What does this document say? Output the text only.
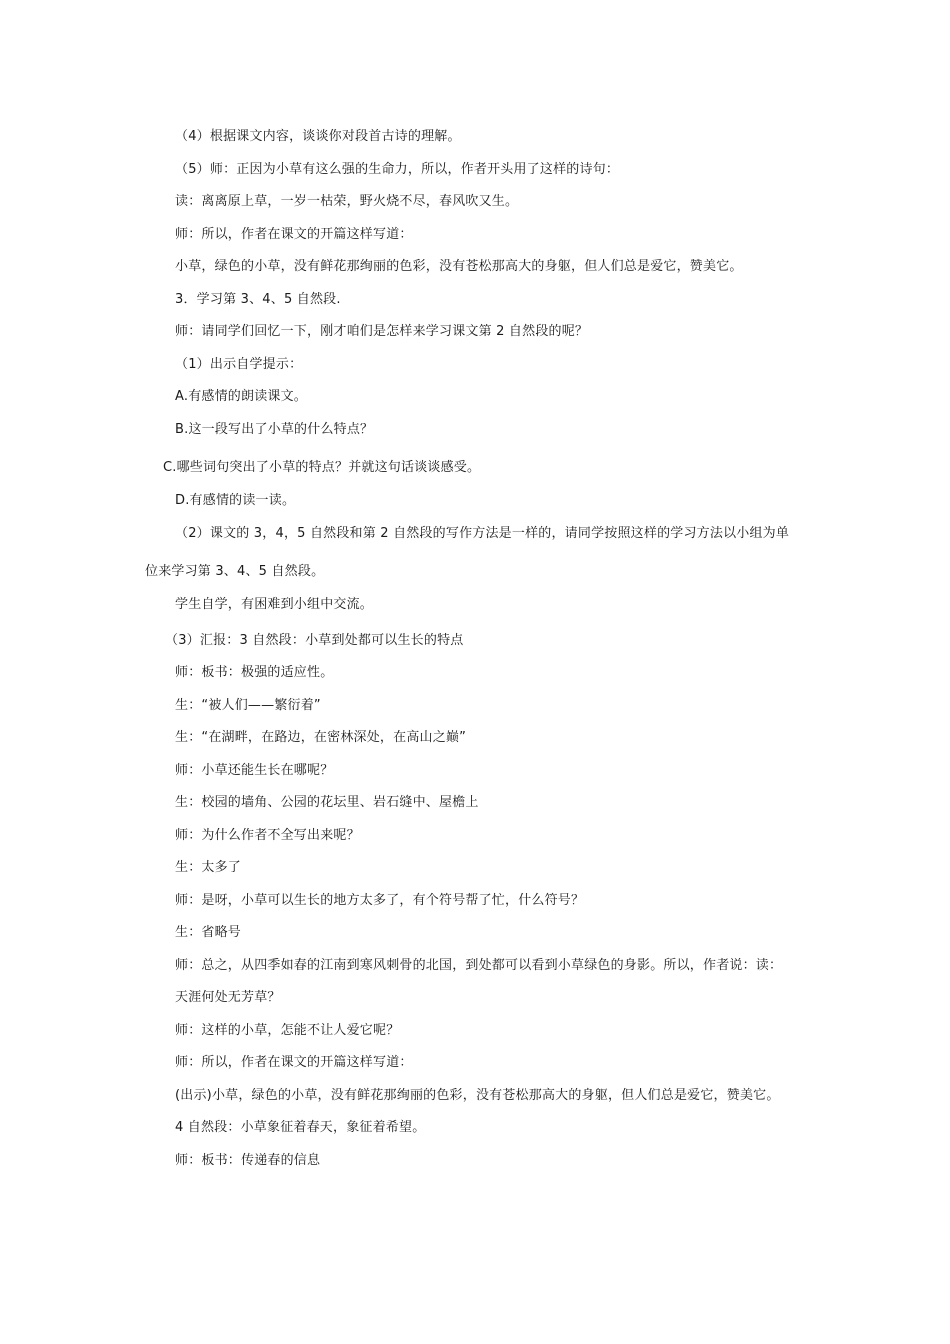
（4）根据课文内容，谈谈你对段首古诗的理解。
（5）师：正因为小草有这么强的生命力，所以，作者开头用了这样的诗句：
读：离离原上草，一岁一枯荣，野火烧不尽，春风吹又生。
师：所以，作者在课文的开篇这样写道：
小草，绿色的小草，没有鲜花那绚丽的色彩，没有苍松那高大的身躯，但人们总是爱它，赞美它。
3．学习第 3、4、5 自然段.
师：请同学们回忆一下，刚才咱们是怎样来学习课文第 2 自然段的呢？
（1）出示自学提示：
A.有感情的朗读课文。
B.这一段写出了小草的什么特点？
C.哪些词句突出了小草的特点？并就这句话谈谈感受。
D.有感情的读一读。
（2）课文的 3，4，5 自然段和第 2 自然段的写作方法是一样的，请同学按照这样的学习方法以小组为单
位来学习第 3、4、5 自然段。
学生自学，有困难到小组中交流。
（3）汇报：3 自然段：小草到处都可以生长的特点
师：板书：极强的适应性。
生：“被人们——繁衍着”
生：“在湖畔，在路边，在密林深处，在高山之巅”
师：小草还能生长在哪呢？
生：校园的墙角、公园的花坛里、岩石缝中、屋檐上
师：为什么作者不全写出来呢？
生：太多了
师：是呀，小草可以生长的地方太多了，有个符号帮了忙，什么符号？
生：省略号
师：总之，从四季如春的江南到寒风刺骨的北国，到处都可以看到小草绿色的身影。所以，作者说：读：
天涯何处无芳草？
师：这样的小草，怎能不让人爱它呢？
师：所以，作者在课文的开篇这样写道：
(出示)小草，绿色的小草，没有鲜花那绚丽的色彩，没有苍松那高大的身躯，但人们总是爱它，赞美它。
4 自然段：小草象征着春天，象征着希望。
师：板书：传递春的信息
